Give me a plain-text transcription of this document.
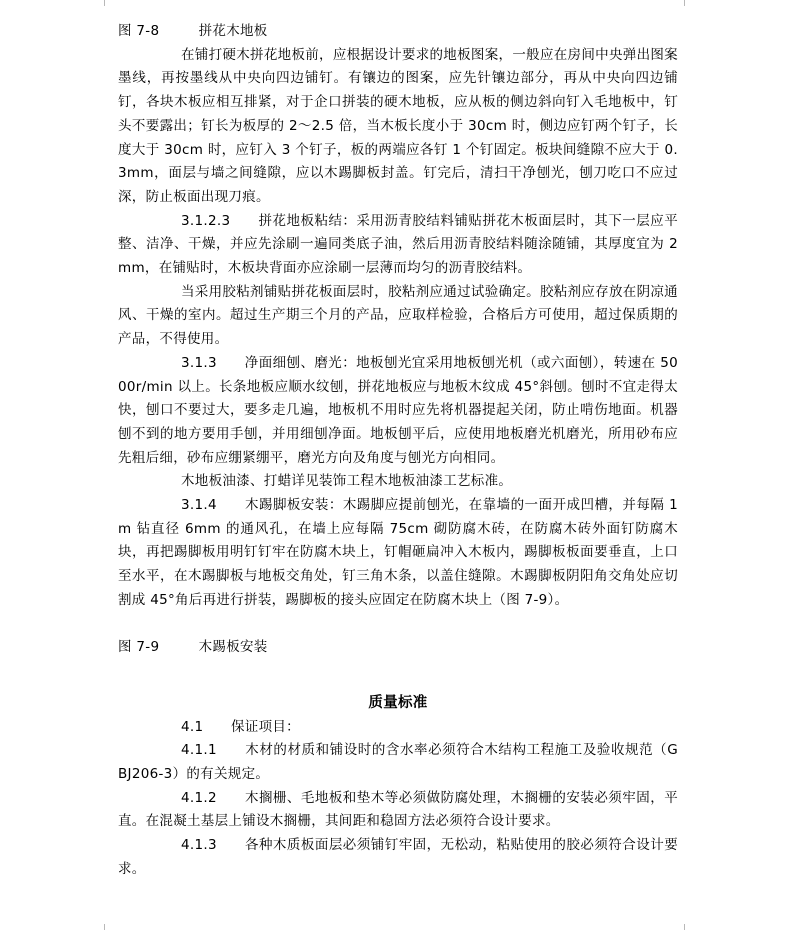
图 7-8	拼花木地板

在铺打硬木拼花地板前，应根据设计要求的地板图案，一般应在房间中央弹出图案墨线，再按墨线从中央向四边铺钉。有镶边的图案，应先针镶边部分，再从中央向四边铺钉，各块木板应相互排紧，对于企口拼装的硬木地板，应从板的侧边斜向钉入毛地板中，钉头不要露出；钉长为板厚的 2～2.5 倍，当木板长度小于 30cm 时，侧边应钉两个钉子，长度大于 30cm 时，应钉入 3 个钉子，板的两端应各钉 1 个钉固定。板块间缝隙不应大于 0.3mm，面层与墙之间缝隙，应以木踢脚板封盖。钉完后，清扫干净刨光，刨刀吃口不应过深，防止板面出现刀痕。

3.1.2.3　　拼花地板粘结：采用沥青胶结料铺贴拼花木板面层时，其下一层应平整、洁净、干燥，并应先涂刷一遍同类底子油，然后用沥青胶结料随涂随铺，其厚度宜为 2mm，在铺贴时，木板块背面亦应涂刷一层薄而均匀的沥青胶结料。

当采用胶粘剂铺贴拼花板面层时，胶粘剂应通过试验确定。胶粘剂应存放在阴凉通风、干燥的室内。超过生产期三个月的产品，应取样检验，合格后方可使用，超过保质期的产品，不得使用。

3.1.3　　净面细刨、磨光：地板刨光宜采用地板刨光机（或六面刨），转速在 5000r/min 以上。长条地板应顺水纹刨，拼花地板应与地板木纹成 45°斜刨。刨时不宜走得太快，刨口不要过大，要多走几遍，地板机不用时应先将机器提起关闭，防止啃伤地面。机器刨不到的地方要用手刨，并用细刨净面。地板刨平后，应使用地板磨光机磨光，所用砂布应先粗后细，砂布应绷紧绷平，磨光方向及角度与刨光方向相同。

木地板油漆、打蜡详见装饰工程木地板油漆工艺标准。

3.1.4　　木踢脚板安装：木踢脚应提前刨光，在靠墙的一面开成凹槽，并每隔 1m 钻直径 6mm 的通风孔，在墙上应每隔 75cm 砌防腐木砖，在防腐木砖外面钉防腐木块，再把踢脚板用明钉钉牢在防腐木块上，钉帽砸扁冲入木板内，踢脚板板面要垂直，上口至水平，在木踢脚板与地板交角处，钉三角木条，以盖住缝隙。木踢脚板阴阳角交角处应切割成 45°角后再进行拼装，踢脚板的接头应固定在防腐木块上（图 7-9）。

图 7-9	木踢板安装

质量标准

4.1　　保证项目：

4.1.1　　木材的材质和铺设时的含水率必须符合木结构工程施工及验收规范（GBJ206-3）的有关规定。

4.1.2　　木搁栅、毛地板和垫木等必须做防腐处理，木搁栅的安装必须牢固，平直。在混凝土基层上铺设木搁栅，其间距和稳固方法必须符合设计要求。

4.1.3　　各种木质板面层必须铺钉牢固，无松动，粘贴使用的胶必须符合设计要求。
